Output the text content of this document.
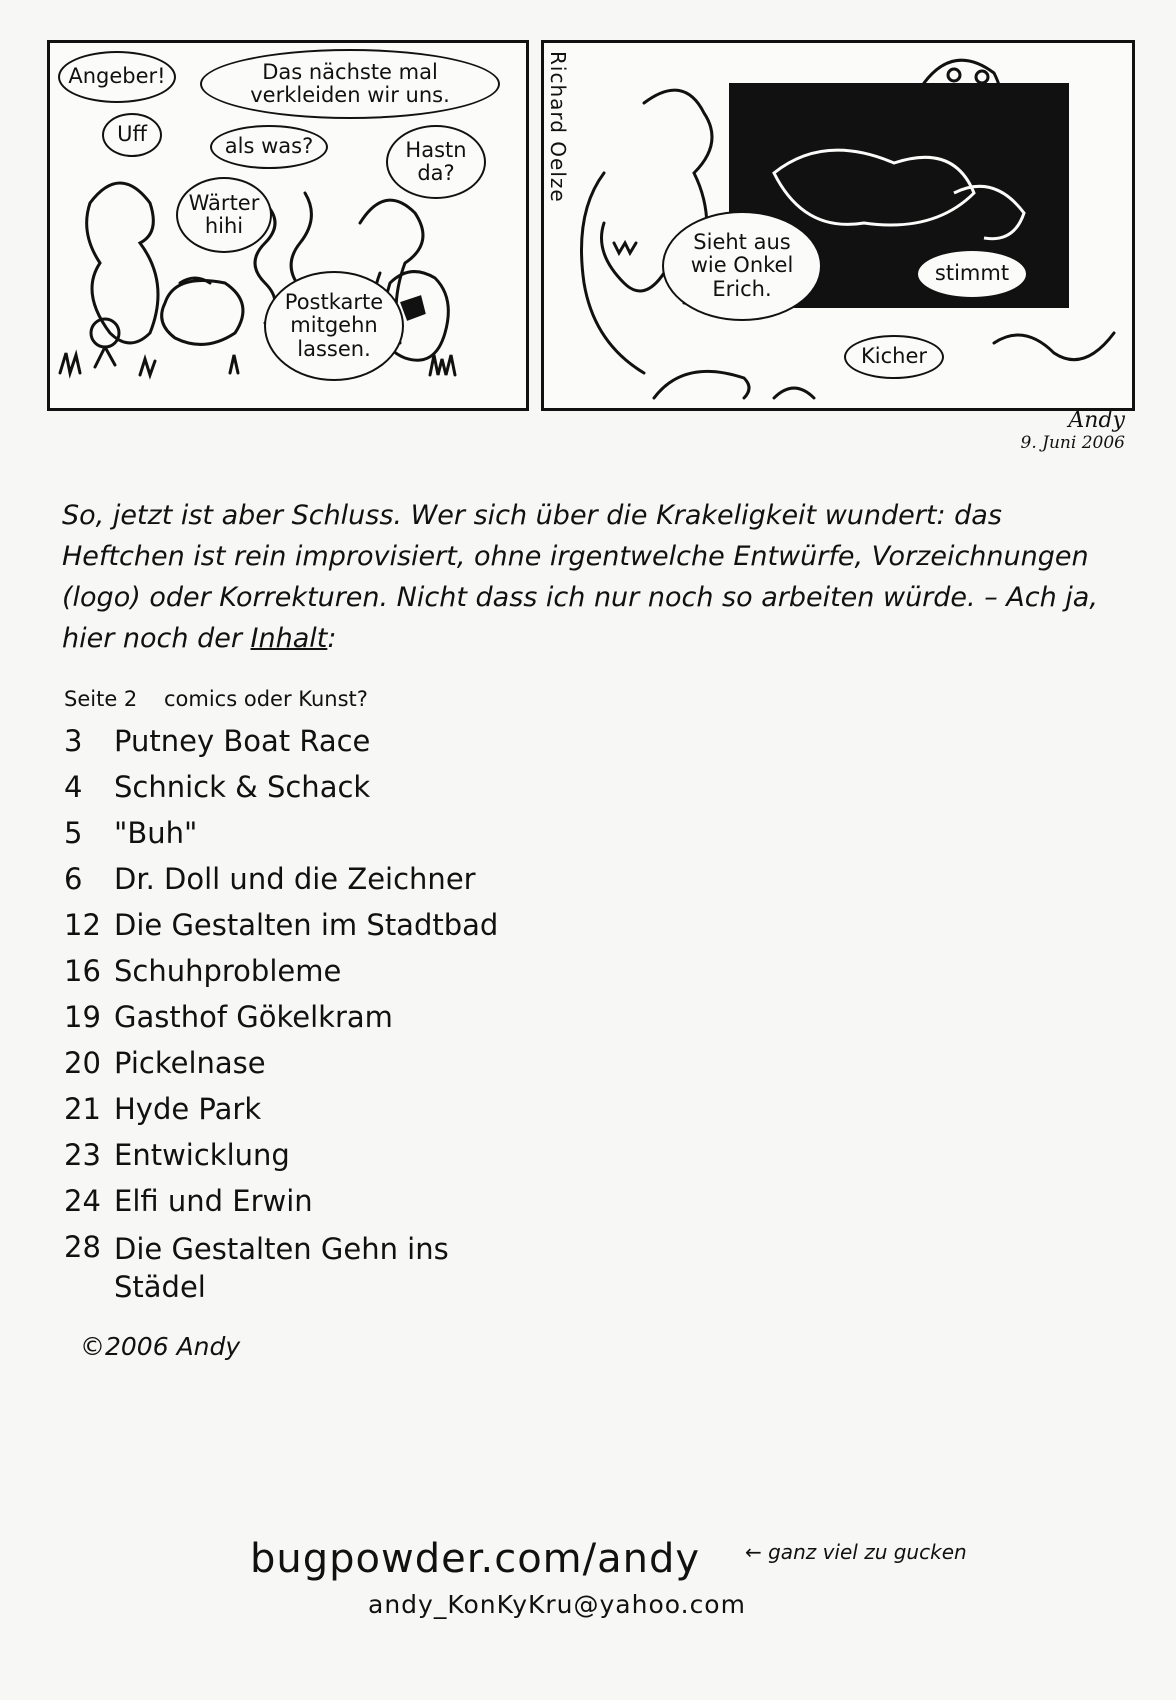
Angeber!	Das nächste mal verkleiden wir uns.
Uff	als was?	Hastn da?
Wärter hihi
Postkarte mitgehn lassen.
Richard Oelze
Sieht aus wie Onkel Erich.
stimmt
Kicher
Andy
9. Juni 2006
So, jetzt ist aber Schluss. Wer sich über die Krakeligkeit wundert: das Heftchen ist rein improvisiert, ohne irgentwelche Entwürfe, Vorzeichnungen (logo) oder Korrekturen. Nicht dass ich nur noch so arbeiten würde. – Ach ja, hier noch der Inhalt:
Seite 2	comics oder Kunst?
3	Putney Boat Race
4	Schnick & Schack
5	"Buh"
6	Dr. Doll und die Zeichner
12 Die Gestalten im Stadtbad
16 Schuhprobleme
19 Gasthof Gökelkram
20 Pickelnase
21 Hyde Park
23 Entwicklung
24 Elfi und Erwin
28 Die Gestalten Gehn ins
Städel
©2006 Andy
bugpowder.com/andy ← ganz viel zu gucken
andy_KonKyKru@yahoo.com
